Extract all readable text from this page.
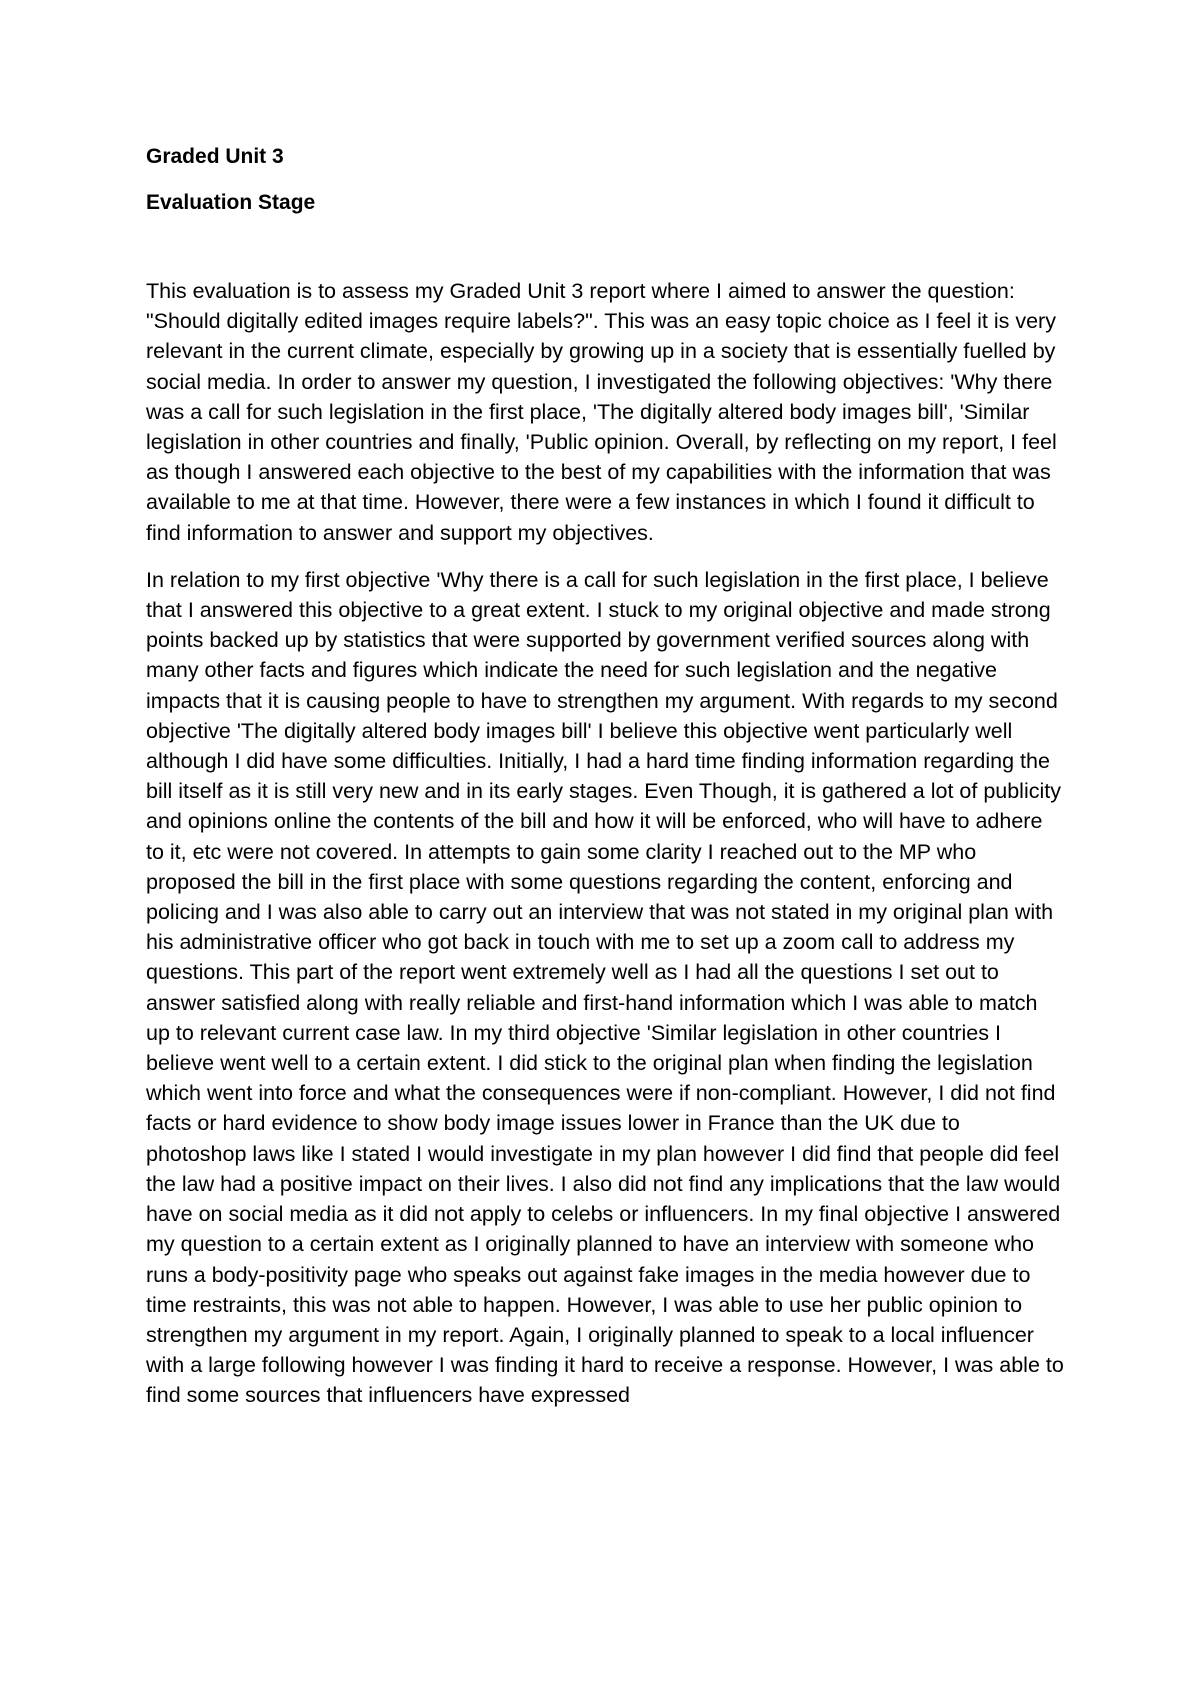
Graded Unit 3

Evaluation Stage

This evaluation is to assess my Graded Unit 3 report where I aimed to answer the question: "Should digitally edited images require labels?". This was an easy topic choice as I feel it is very relevant in the current climate, especially by growing up in a society that is essentially fuelled by social media. In order to answer my question, I investigated the following objectives: 'Why there was a call for such legislation in the first place, 'The digitally altered body images bill', 'Similar legislation in other countries and finally, 'Public opinion. Overall, by reflecting on my report, I feel as though I answered each objective to the best of my capabilities with the information that was available to me at that time. However, there were a few instances in which I found it difficult to find information to answer and support my objectives.

In relation to my first objective 'Why there is a call for such legislation in the first place, I believe that I answered this objective to a great extent. I stuck to my original objective and made strong points backed up by statistics that were supported by government verified sources along with many other facts and figures which indicate the need for such legislation and the negative impacts that it is causing people to have to strengthen my argument. With regards to my second objective 'The digitally altered body images bill' I believe this objective went particularly well although I did have some difficulties. Initially, I had a hard time finding information regarding the bill itself as it is still very new and in its early stages. Even Though, it is gathered a lot of publicity and opinions online the contents of the bill and how it will be enforced, who will have to adhere to it, etc were not covered. In attempts to gain some clarity I reached out to the MP who proposed the bill in the first place with some questions regarding the content, enforcing and policing and I was also able to carry out an interview that was not stated in my original plan with his administrative officer who got back in touch with me to set up a zoom call to address my questions. This part of the report went extremely well as I had all the questions I set out to answer satisfied along with really reliable and first-hand information which I was able to match up to relevant current case law. In my third objective 'Similar legislation in other countries I believe went well to a certain extent. I did stick to the original plan when finding the legislation which went into force and what the consequences were if non-compliant. However, I did not find facts or hard evidence to show body image issues lower in France than the UK due to photoshop laws like I stated I would investigate in my plan however I did find that people did feel the law had a positive impact on their lives. I also did not find any implications that the law would have on social media as it did not apply to celebs or influencers. In my final objective I answered my question to a certain extent as I originally planned to have an interview with someone who runs a body-positivity page who speaks out against fake images in the media however due to time restraints, this was not able to happen. However, I was able to use her public opinion to strengthen my argument in my report. Again, I originally planned to speak to a local influencer with a large following however I was finding it hard to receive a response. However, I was able to find some sources that influencers have expressed
